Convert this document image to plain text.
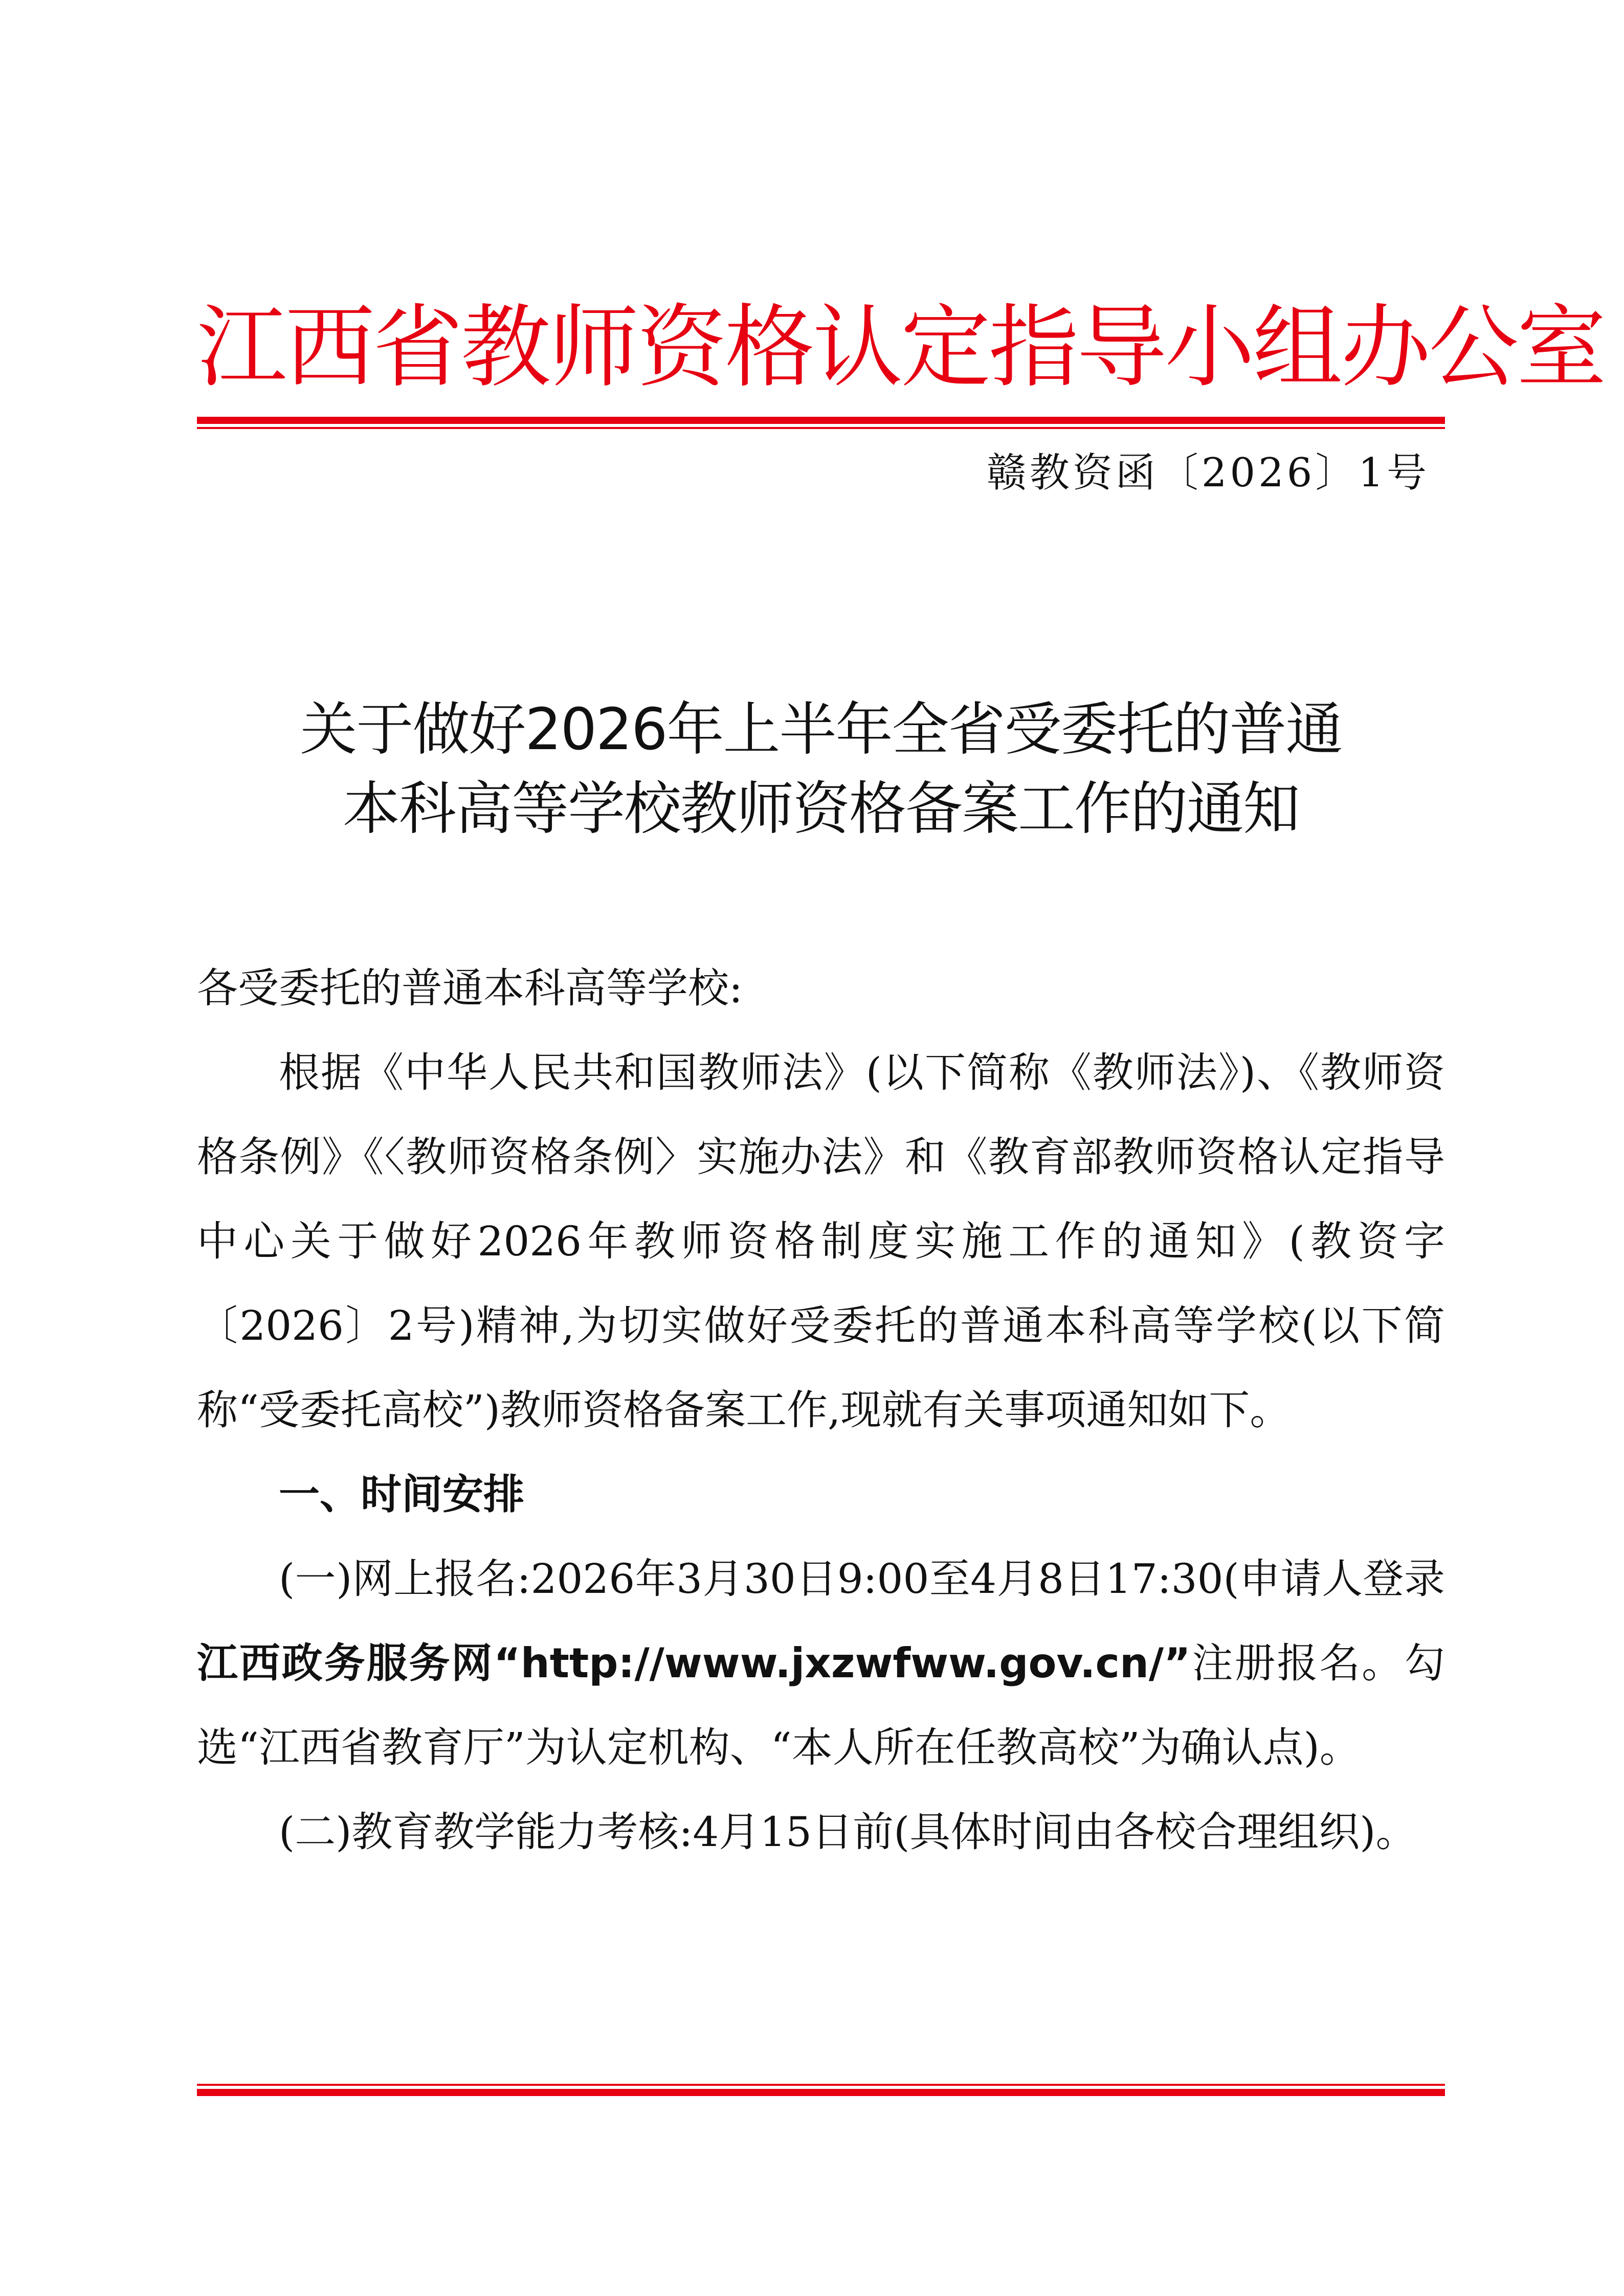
江西省教师资格认定指导小组办公室
赣教资函〔2026〕1号
关于做好2026年上半年全省受委托的普通
本科高等学校教师资格备案工作的通知

各受委托的普通本科高等学校:

根据《中华人民共和国教师法》(以下简称《教师法》)、《教师资格条例》《〈教师资格条例〉实施办法》和《教育部教师资格认定指导中心关于做好2026年教师资格制度实施工作的通知》(教资字〔2026〕2号)精神,为切实做好受委托的普通本科高等学校(以下简称“受委托高校”)教师资格备案工作,现就有关事项通知如下。

一、时间安排

(一)网上报名:2026年3月30日9:00至4月8日17:30(申请人登录江西政务服务网“http://www.jxzwfww.gov.cn/”注册报名。勾选“江西省教育厅”为认定机构、“本人所在任教高校”为确认点)。

(二)教育教学能力考核:4月15日前(具体时间由各校合理组织)。
